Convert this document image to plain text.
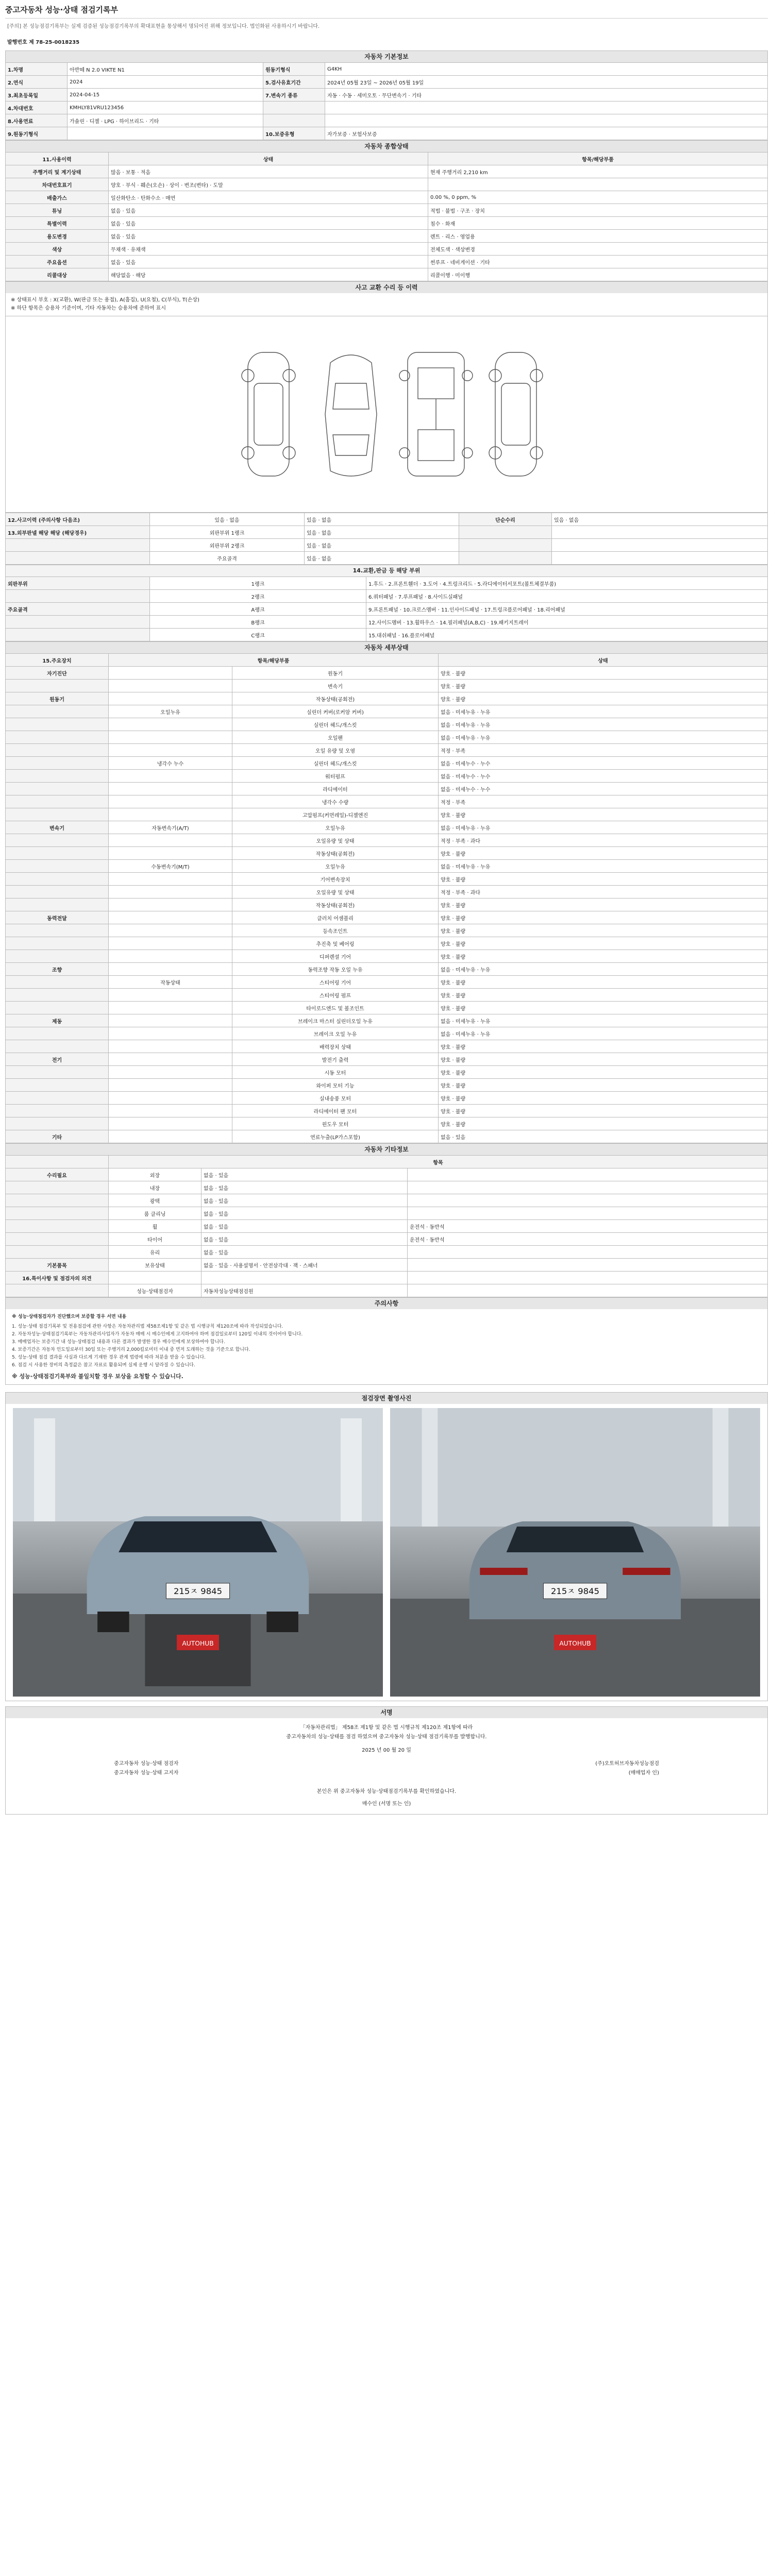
중고자동차 성능·상태 점검기록부
[주의] 본 성능점검기록부는 실제 검증된 성능점검기록부의 확대표현을 통상해서 명되어진 위해 정보입니다. 법인화된 사용하시기 바랍니다.
발행번호 제 78-25-0018235
자동차 기본정보
1.차명	아반떼 N 2.0 VIKTE N1	원동기형식	G4KH
2.연식	2024	5.검사유효기간	2024년 05월 23일 ~ 2026년 05월 19일
3.최초등록일	2024-04-15	7.변속기 종류	자동 · 수동 · 세미오토 · 무단변속기 · 기타
4.차대번호	KMHLY81VRU123456		
8.사용연료	가솔린 · 디젤 · LPG · 하이브리드 · 기타		
9.원동기형식		10.보증유형	자가보증 · 보험사보증
자동차 종합상태
11.사용이력	상태	항목/해당부품
주행거리 및 계기상태	많음 · 보통 · 적음	현재 주행거리 2,210 km
차대번호표기	양호 · 부식 · 훼손(오손) · 상이 · 변조(변타) · 도말	
배출가스	일산화탄소 · 탄화수소 · 매연	0.00 %, 0 ppm, %
튜닝	없음 · 있음	적법 · 불법 · 구조 · 장치
특별이력	없음 · 있음	침수 · 화재
용도변경	없음 · 있음	렌트 · 리스 · 영업용
색상	무채색 · 유채색	전체도색 · 색상변경
주요옵션	없음 · 있음	썬루프 · 네비게이션 · 기타
리콜대상	해당없음 · 해당	리콜이행 · 미이행
사고 교환 수리 등 이력
※ 상태표시 부호 : X(교환), W(판금 또는 용접), A(흠집), U(요철), C(부식), T(손상)
※ 하단 항목은 승용차 기준이며, 기타 자동차는 승용차에 준하여 표시
12.사고이력 (주의사항 다음조)	있음 · 없음	있음 · 없음	단순수리	있음 · 없음
13.외부판넬 해당 해당 (해당경우)	외판부위 1랭크	있음 · 없음		
	외판부위 2랭크	있음 · 없음		
	주요골격	있음 · 없음		
14.교환,판금 등 해당 부위
외판부위	1랭크	1.후드 · 2.프론트휀더 · 3.도어 · 4.트렁크리드 · 5.라디에이터서포트(볼트체결부품)
	2랭크	6.쿼터패널 · 7.루프패널 · 8.사이드실패널
주요골격	A랭크	9.프론트패널 · 10.크로스멤버 · 11.인사이드패널 · 17.트렁크플로어패널 · 18.리어패널
	B랭크	12.사이드멤버 · 13.휠하우스 · 14.필러패널(A,B,C) · 19.패키지트레이
	C랭크	15.대쉬패널 · 16.플로어패널
자동차 세부상태
15.주요장치	항목/해당부품		상태
자기진단		원동기	양호 · 불량
		변속기	양호 · 불량
원동기		작동상태(공회전)	양호 · 불량
	오일누유	실린더 커버(로커암 커버)	없음 · 미세누유 · 누유
		실린더 헤드/개스킷	없음 · 미세누유 · 누유
		오일팬	없음 · 미세누유 · 누유
		오일 유량 및 오염	적정 · 부족
	냉각수 누수	실린더 헤드/개스킷	없음 · 미세누수 · 누수
		워터펌프	없음 · 미세누수 · 누수
		라디에이터	없음 · 미세누수 · 누수
		냉각수 수량	적정 · 부족
		고압펌프(커먼레일)-디젤엔진	양호 · 불량
변속기	자동변속기(A/T)	오일누유	없음 · 미세누유 · 누유
		오일유량 및 상태	적정 · 부족 · 과다
		작동상태(공회전)	양호 · 불량
	수동변속기(M/T)	오일누유	없음 · 미세누유 · 누유
		기어변속장치	양호 · 불량
		오일유량 및 상태	적정 · 부족 · 과다
		작동상태(공회전)	양호 · 불량
동력전달		클러치 어셈블리	양호 · 불량
		등속조인트	양호 · 불량
		추진축 및 베어링	양호 · 불량
		디퍼렌셜 기어	양호 · 불량
조향		동력조향 작동 오일 누유	없음 · 미세누유 · 누유
	작동상태	스티어링 기어	양호 · 불량
		스티어링 펌프	양호 · 불량
		타이로드엔드 및 볼조인트	양호 · 불량
제동		브레이크 마스터 실린더오일 누유	없음 · 미세누유 · 누유
		브레이크 오일 누유	없음 · 미세누유 · 누유
		배력장치 상태	양호 · 불량
전기		발전기 출력	양호 · 불량
		시동 모터	양호 · 불량
		와이퍼 모터 기능	양호 · 불량
		실내송풍 모터	양호 · 불량
		라디에이터 팬 모터	양호 · 불량
		윈도우 모터	양호 · 불량
기타		연료누출(LP가스포함)	없음 · 있음
자동차 기타정보
	항목		
수리필요	외장	없음 · 있음	
	내장	없음 · 있음	
	광택	없음 · 있음	
	룸 클리닝	없음 · 있음	
	휠	없음 · 있음	운전석 · 동반석
	타이어	없음 · 있음	운전석 · 동반석
	유리	없음 · 있음	
기본품목	보유상태	없음 · 있음 · 사용설명서 · 안전삼각대 · 잭 · 스패너	
16.특이사항 및 점검자의 의견			
	성능·상태점검자	자동차성능상태점검원	
주의사항
※ 성능·상태점검자가 진단했으며 보증할 경우 서면 내용
1. 성능·상태 점검기록부 및 전용점검에 관한 사항은 자동차관리법 제58조제1항 및 같은 법 시행규칙 제120조에 따라 작성되었습니다.
2. 자동차성능·상태점검기록부는 자동차관리사업자가 자동차 매매 시 매수인에게 고지하여야 하며 점검일로부터 120일 이내의 것이어야 합니다.
3. 매매업자는 보증기간 내 성능·상태점검 내용과 다른 결과가 발생한 경우 매수인에게 보상하여야 합니다.
4. 보증기간은 자동차 인도일로부터 30일 또는 주행거리 2,000킬로미터 이내 중 먼저 도래하는 것을 기준으로 합니다.
5. 성능·상태 점검 결과를 사실과 다르게 기재한 경우 관계 법령에 따라 처분을 받을 수 있습니다.
6. 점검 시 사용한 장비의 측정값은 참고 자료로 활용되며 실제 운행 시 달라질 수 있습니다.
※ 성능·상태점검기록부와 불일치할 경우 보상을 요청할 수 있습니다.
점검장면 촬영사진
215ㅈ 9845
AUTOHUB
215ㅈ 9845
AUTOHUB
서명
「자동차관리법」 제58조 제1항 및 같은 법 시행규칙 제120조 제1항에 따라
중고자동차의 성능·상태를 점검 하였으며 중고자동차 성능·상태 점검기록부를 발행합니다.
2025 년 00 월 20 일
중고자동차 성능·상태 점검자	(주)오토허브자동차성능점검
중고자동차 성능·상태 고지자	(매매업자 인)
본인은 위 중고자동차 성능·상태점검기록부를 확인하였습니다.
매수인 (서명 또는 인)
